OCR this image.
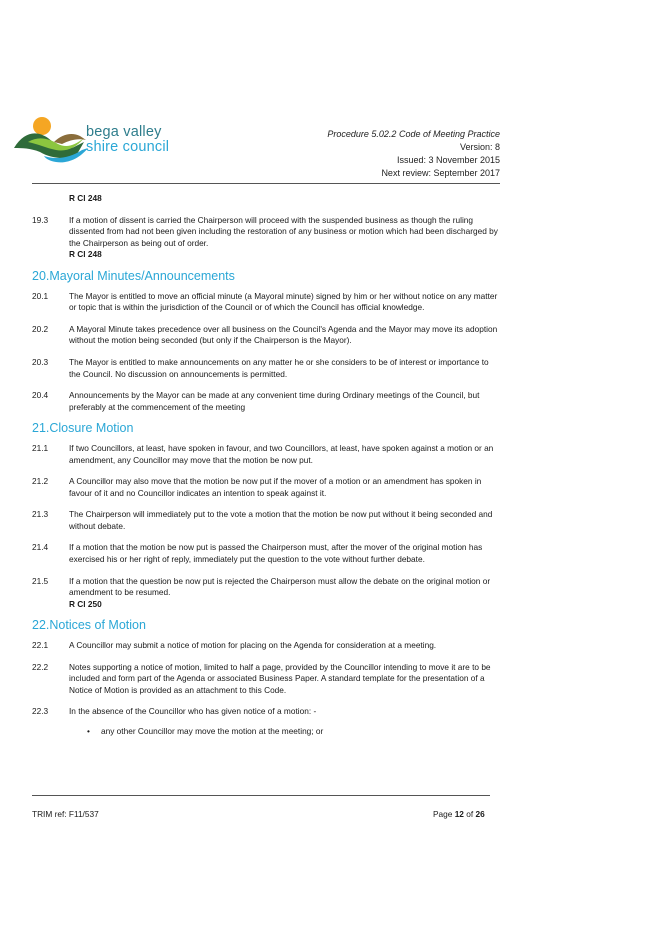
bega valley
shire council
Procedure 5.02.2 Code of Meeting Practice
Version: 8
Issued: 3 November 2015
Next review: September 2017
R Cl 248
19.3	If a motion of dissent is carried the Chairperson will proceed with the suspended business as though the ruling dissented from had not been given including the restoration of any business or motion which had been discharged by the Chairperson as being out of order.
R Cl 248
20.Mayoral Minutes/Announcements
20.1	The Mayor is entitled to move an official minute (a Mayoral minute) signed by him or her without notice on any matter or topic that is within the jurisdiction of the Council or of which the Council has official knowledge.
20.2	A Mayoral Minute takes precedence over all business on the Council's Agenda and the Mayor may move its adoption without the motion being seconded (but only if the Chairperson is the Mayor).
20.3	The Mayor is entitled to make announcements on any matter he or she considers to be of interest or importance to the Council. No discussion on announcements is permitted.
20.4	Announcements by the Mayor can be made at any convenient time during Ordinary meetings of the Council, but preferably at the commencement of the meeting
21.Closure Motion
21.1	If two Councillors, at least, have spoken in favour, and two Councillors, at least, have spoken against a motion or an amendment, any Councillor may move that the motion be now put.
21.2	A Councillor may also move that the motion be now put if the mover of a motion or an amendment has spoken in favour of it and no Councillor indicates an intention to speak against it.
21.3	The Chairperson will immediately put to the vote a motion that the motion be now put without it being seconded and without debate.
21.4	If a motion that the motion be now put is passed the Chairperson must, after the mover of the original motion has exercised his or her right of reply, immediately put the question to the vote without further debate.
21.5	If a motion that the question be now put is rejected the Chairperson must allow the debate on the original motion or amendment to be resumed.
R Cl 250
22.Notices of Motion
22.1	A Councillor may submit a notice of motion for placing on the Agenda for consideration at a meeting.
22.2	Notes supporting a notice of motion, limited to half a page, provided by the Councillor intending to move it are to be included and form part of the Agenda or associated Business Paper. A standard template for the presentation of a Notice of Motion is provided as an attachment to this Code.
22.3	In the absence of the Councillor who has given notice of a motion: -
•	any other Councillor may move the motion at the meeting; or
TRIM ref: F11/537	Page 12 of 26
